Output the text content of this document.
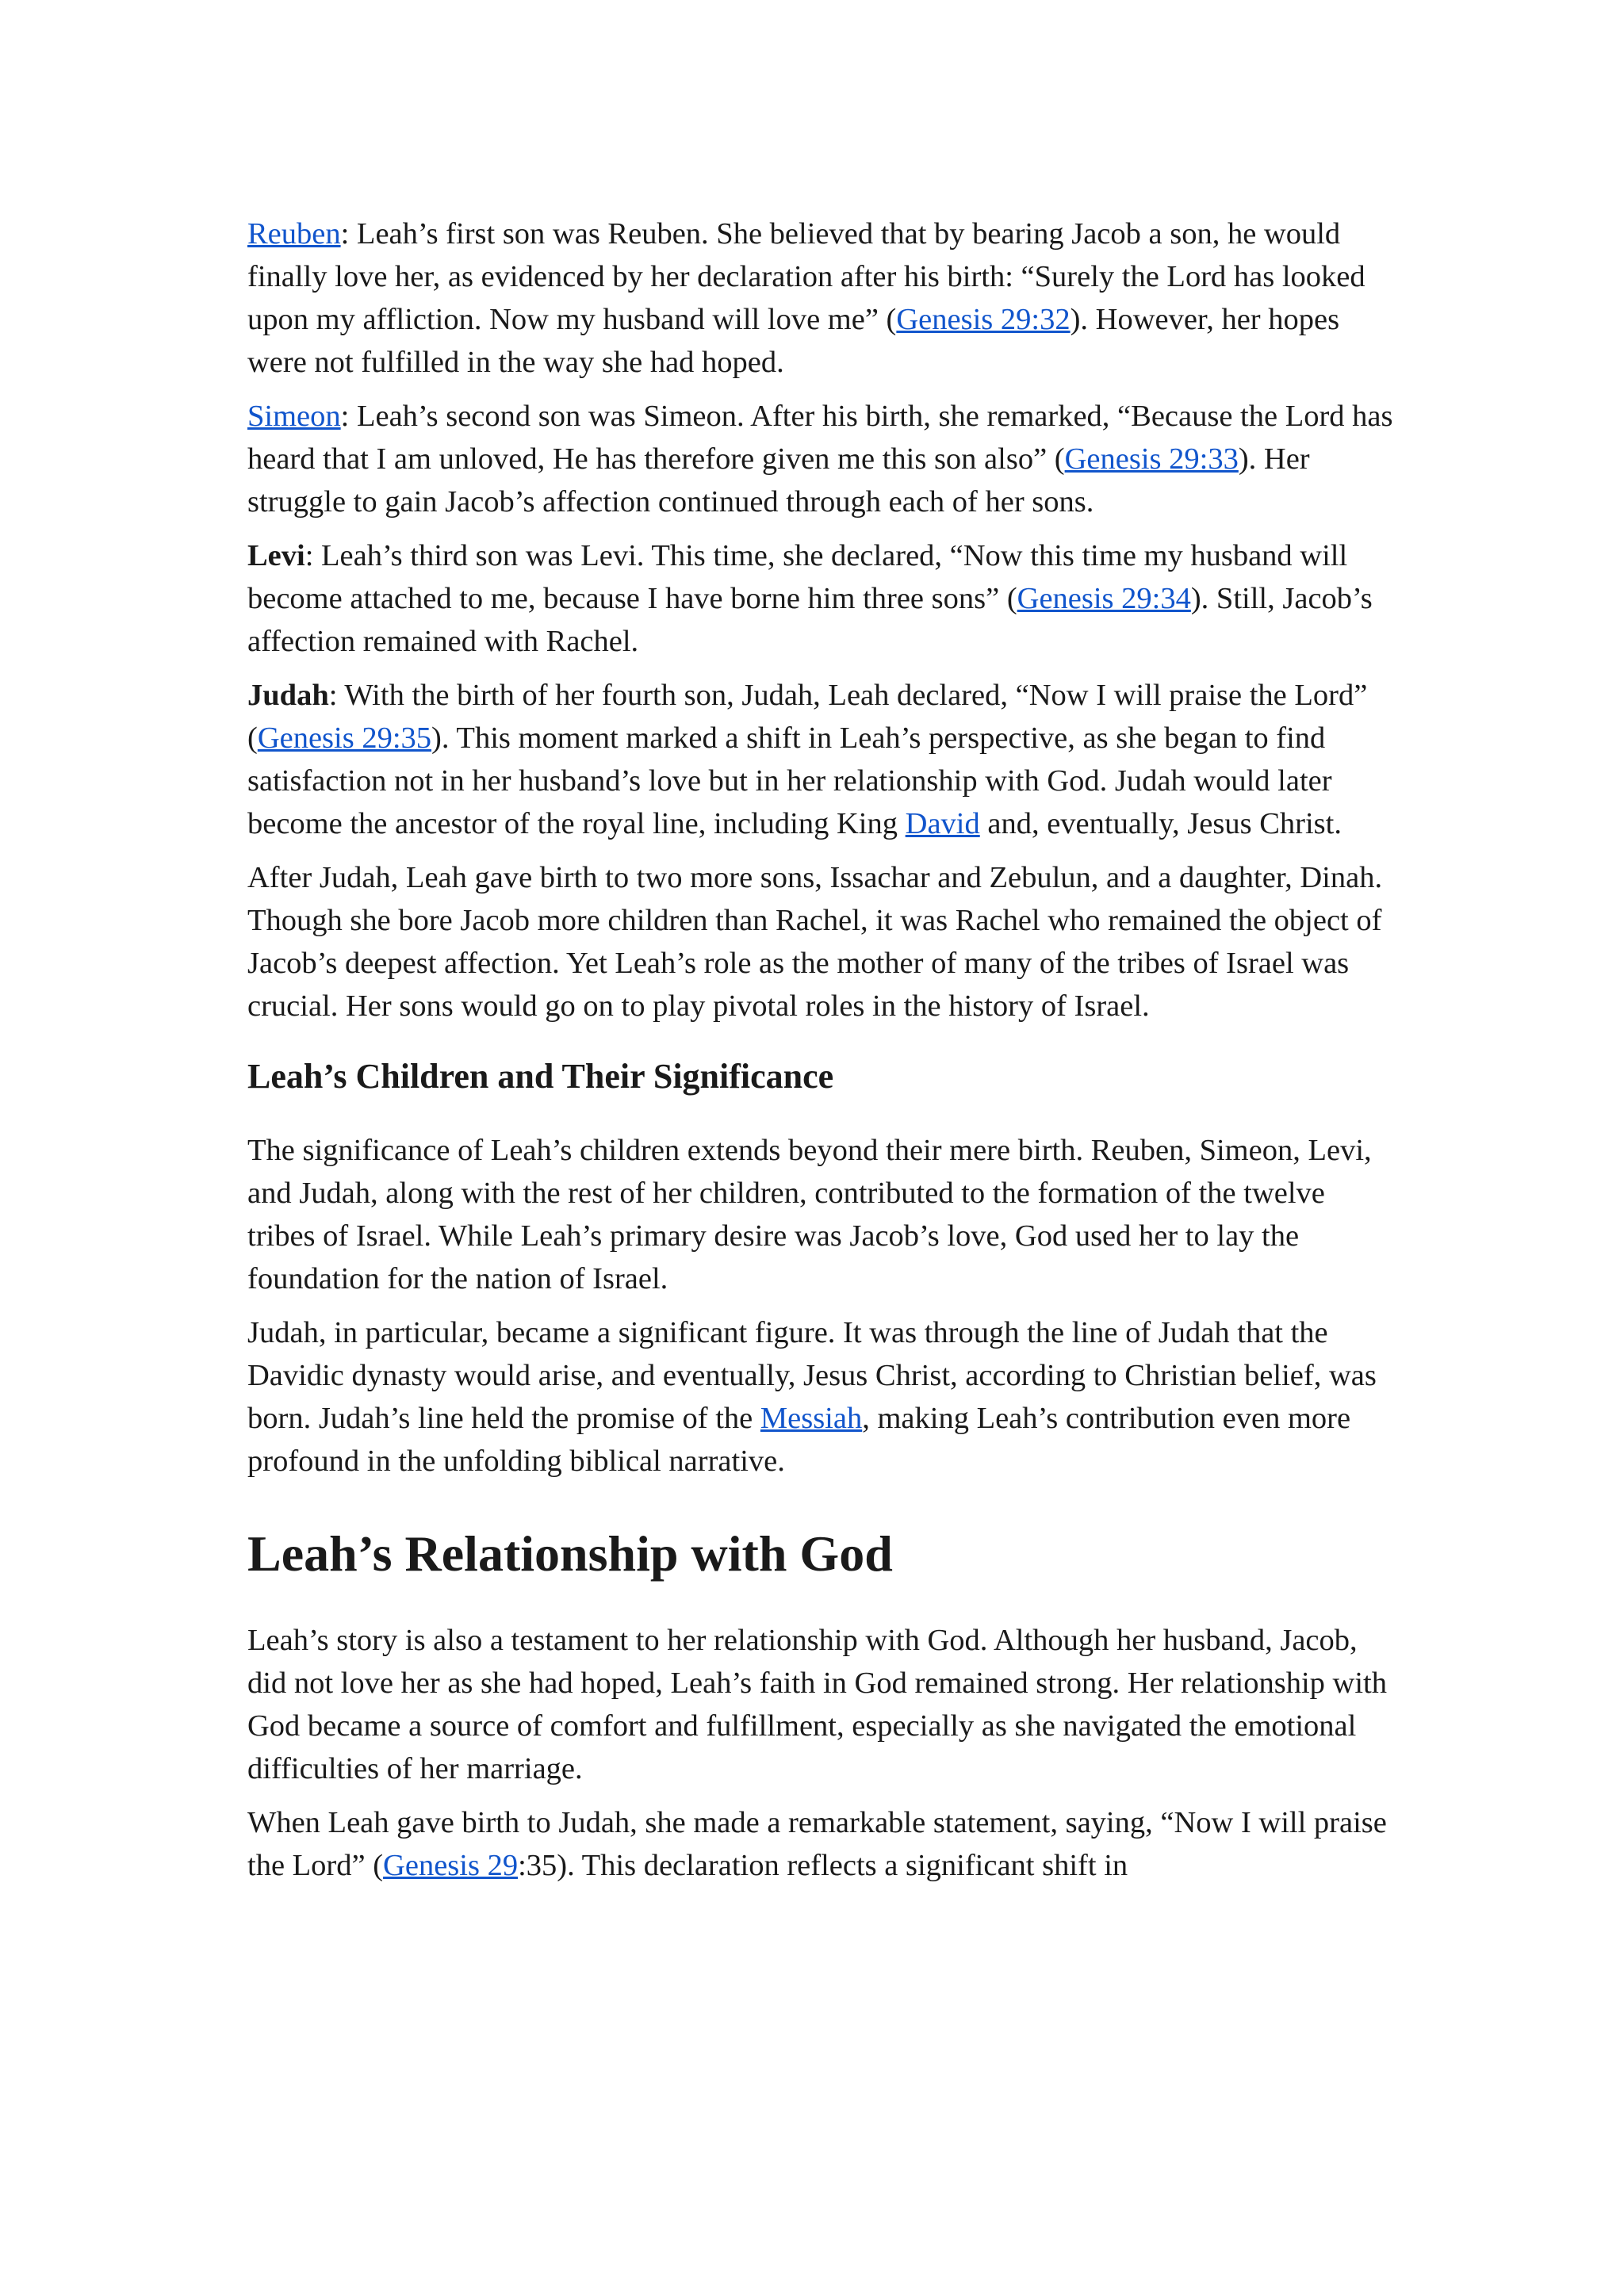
Reuben: Leah’s first son was Reuben. She believed that by bearing Jacob a son, he would finally love her, as evidenced by her declaration after his birth: “Surely the Lord has looked upon my affliction. Now my husband will love me” (Genesis 29:32). However, her hopes were not fulfilled in the way she had hoped.

Simeon: Leah’s second son was Simeon. After his birth, she remarked, “Because the Lord has heard that I am unloved, He has therefore given me this son also” (Genesis 29:33). Her struggle to gain Jacob’s affection continued through each of her sons.

Levi: Leah’s third son was Levi. This time, she declared, “Now this time my husband will become attached to me, because I have borne him three sons” (Genesis 29:34). Still, Jacob’s affection remained with Rachel.

Judah: With the birth of her fourth son, Judah, Leah declared, “Now I will praise the Lord” (Genesis 29:35). This moment marked a shift in Leah’s perspective, as she began to find satisfaction not in her husband’s love but in her relationship with God. Judah would later become the ancestor of the royal line, including King David and, eventually, Jesus Christ.

After Judah, Leah gave birth to two more sons, Issachar and Zebulun, and a daughter, Dinah. Though she bore Jacob more children than Rachel, it was Rachel who remained the object of Jacob’s deepest affection. Yet Leah’s role as the mother of many of the tribes of Israel was crucial. Her sons would go on to play pivotal roles in the history of Israel.

Leah’s Children and Their Significance

The significance of Leah’s children extends beyond their mere birth. Reuben, Simeon, Levi, and Judah, along with the rest of her children, contributed to the formation of the twelve tribes of Israel. While Leah’s primary desire was Jacob’s love, God used her to lay the foundation for the nation of Israel.

Judah, in particular, became a significant figure. It was through the line of Judah that the Davidic dynasty would arise, and eventually, Jesus Christ, according to Christian belief, was born. Judah’s line held the promise of the Messiah, making Leah’s contribution even more profound in the unfolding biblical narrative.

Leah’s Relationship with God

Leah’s story is also a testament to her relationship with God. Although her husband, Jacob, did not love her as she had hoped, Leah’s faith in God remained strong. Her relationship with God became a source of comfort and fulfillment, especially as she navigated the emotional difficulties of her marriage.

When Leah gave birth to Judah, she made a remarkable statement, saying, “Now I will praise the Lord” (Genesis 29:35). This declaration reflects a significant shift in
